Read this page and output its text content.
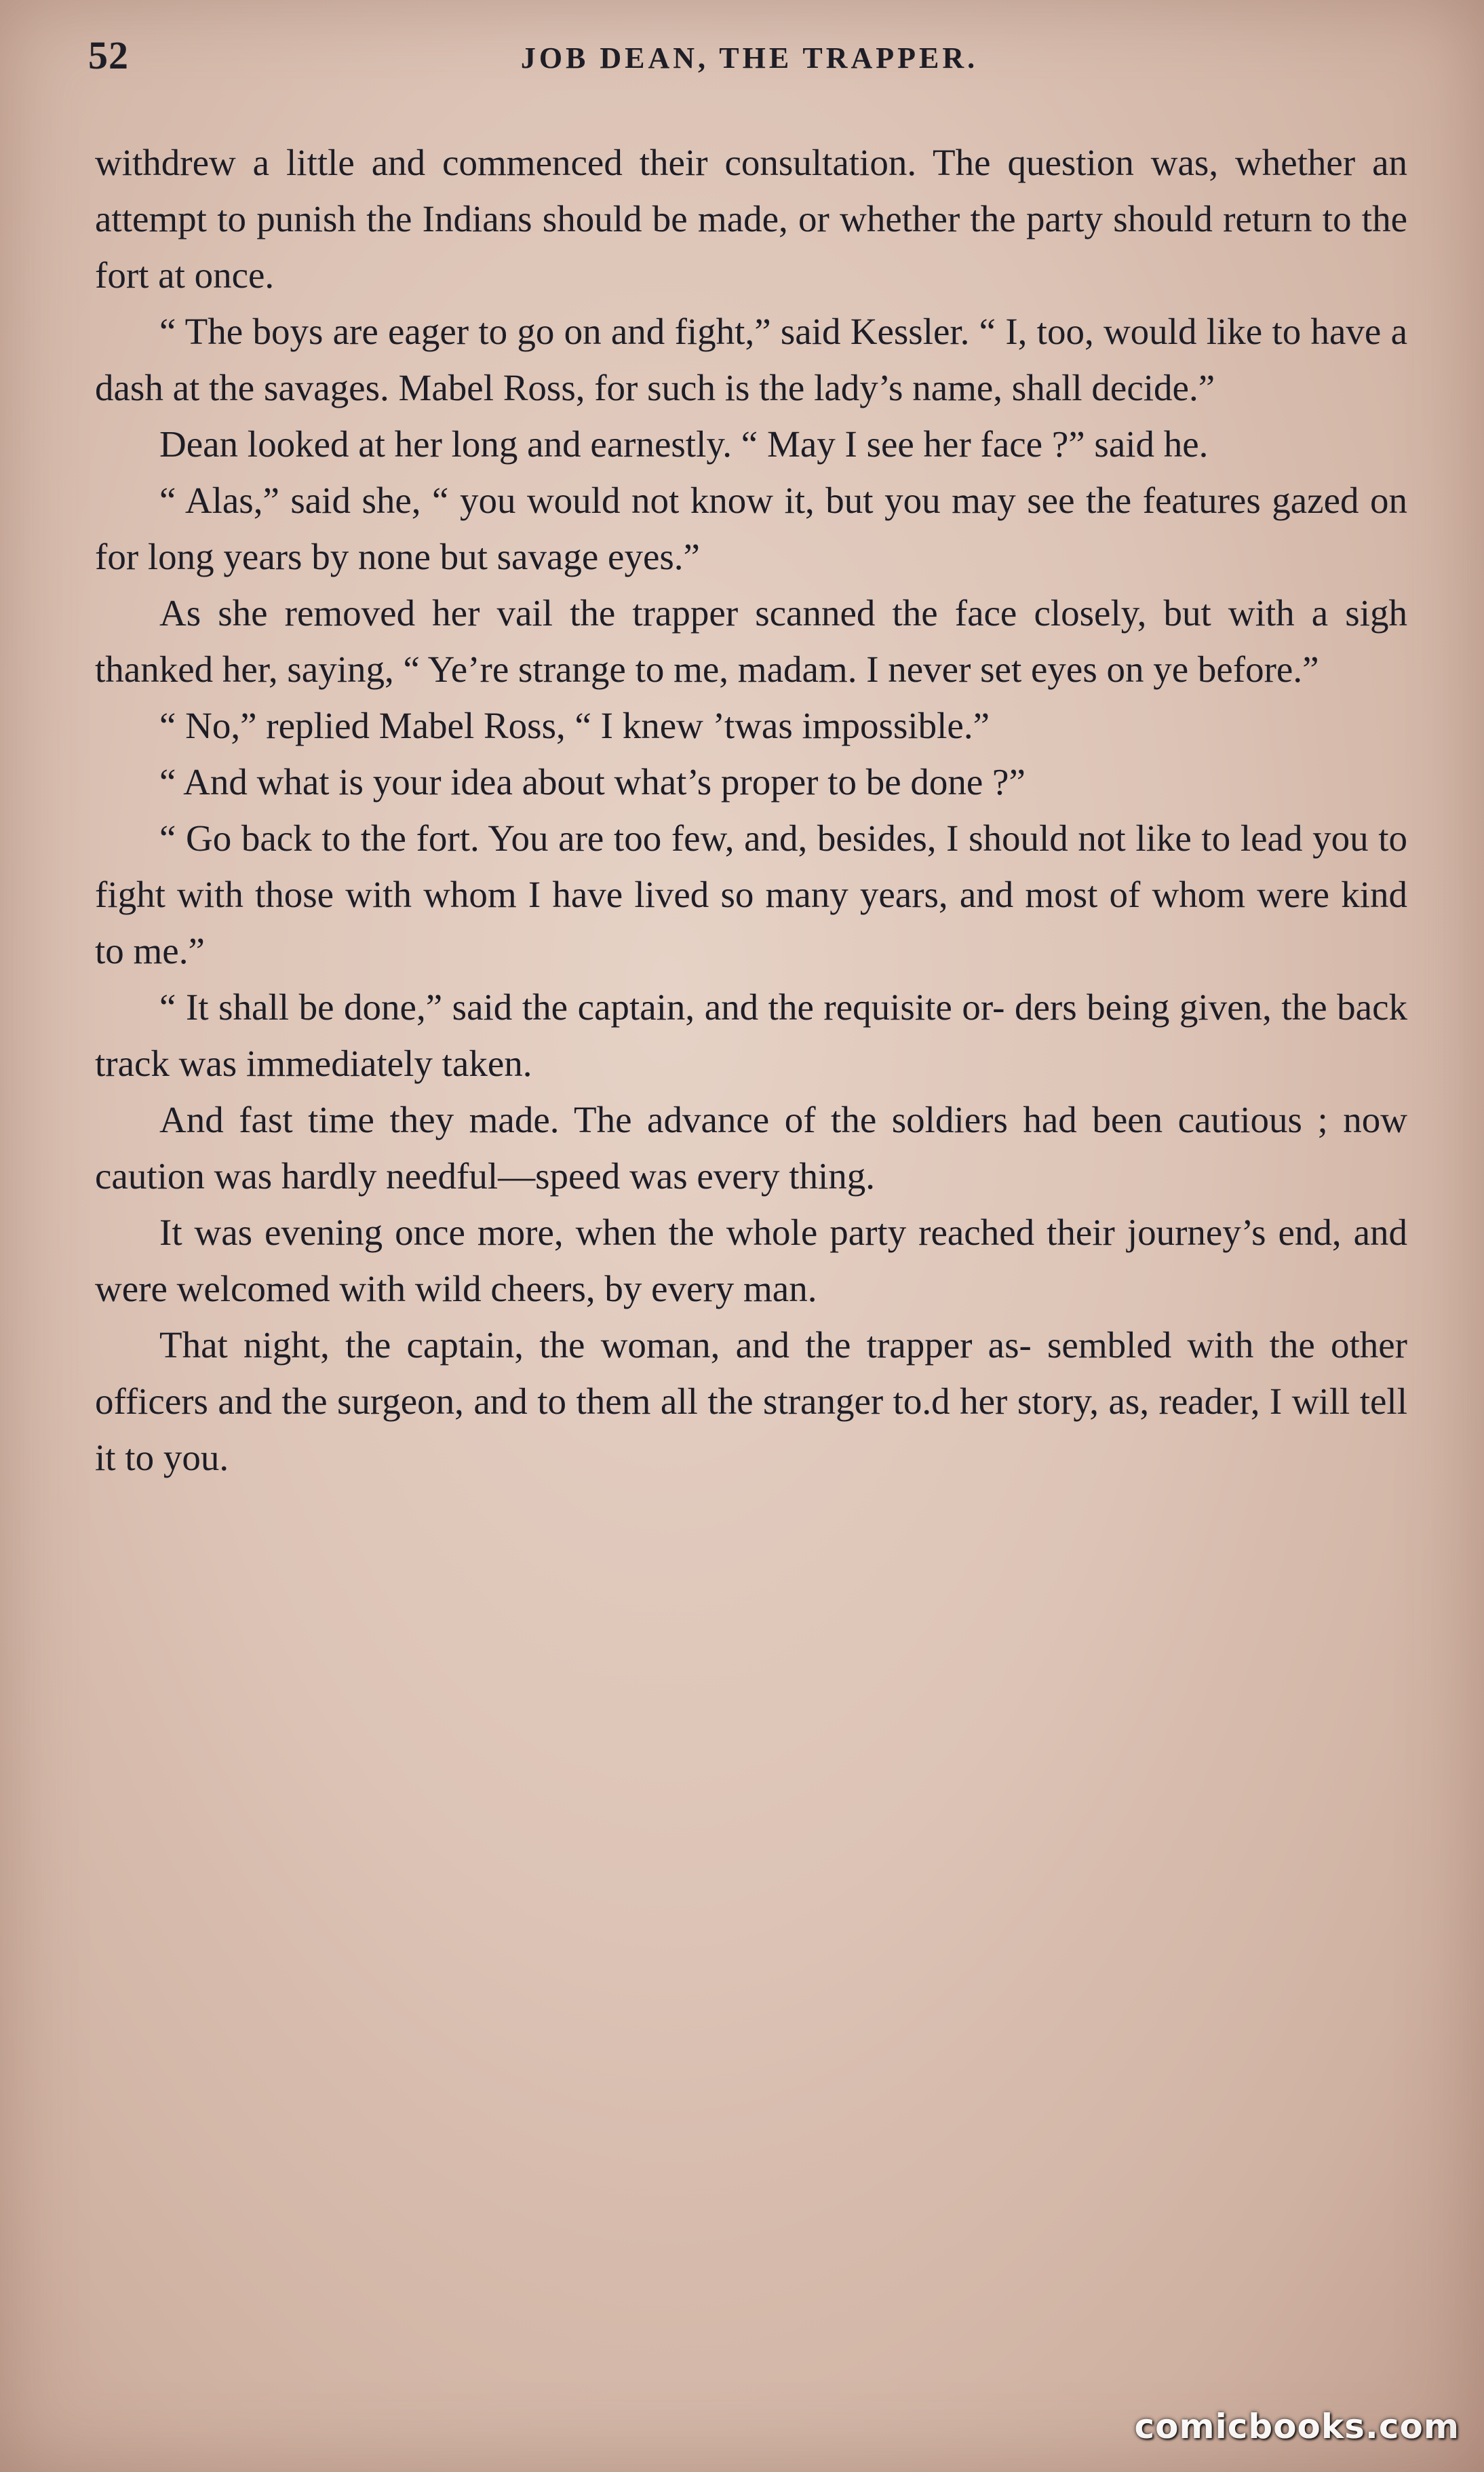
52	JOB DEAN, THE TRAPPER.

withdrew a little and commenced their consultation. The question was, whether an attempt to punish the Indians should be made, or whether the party should return to the fort at once.

“ The boys are eager to go on and fight,” said Kessler. “ I, too, would like to have a dash at the savages. Mabel Ross, for such is the lady’s name, shall decide.”

Dean looked at her long and earnestly. “ May I see her face ?” said he.

“ Alas,” said she, “ you would not know it, but you may see the features gazed on for long years by none but savage eyes.”

As she removed her vail the trapper scanned the face closely, but with a sigh thanked her, saying, “ Ye’re strange to me, madam. I never set eyes on ye before.”

“ No,” replied Mabel Ross, “ I knew ’twas impossible.”

“ And what is your idea about what’s proper to be done ?”

“ Go back to the fort. You are too few, and, besides, I should not like to lead you to fight with those with whom I have lived so many years, and most of whom were kind to me.”

“ It shall be done,” said the captain, and the requisite or- ders being given, the back track was immediately taken.

And fast time they made. The advance of the soldiers had been cautious ; now caution was hardly needful—speed was every thing.

It was evening once more, when the whole party reached their journey’s end, and were welcomed with wild cheers, by every man.

That night, the captain, the woman, and the trapper as- sembled with the other officers and the surgeon, and to them all the stranger to.d her story, as, reader, I will tell it to you.

comicbooks.com
